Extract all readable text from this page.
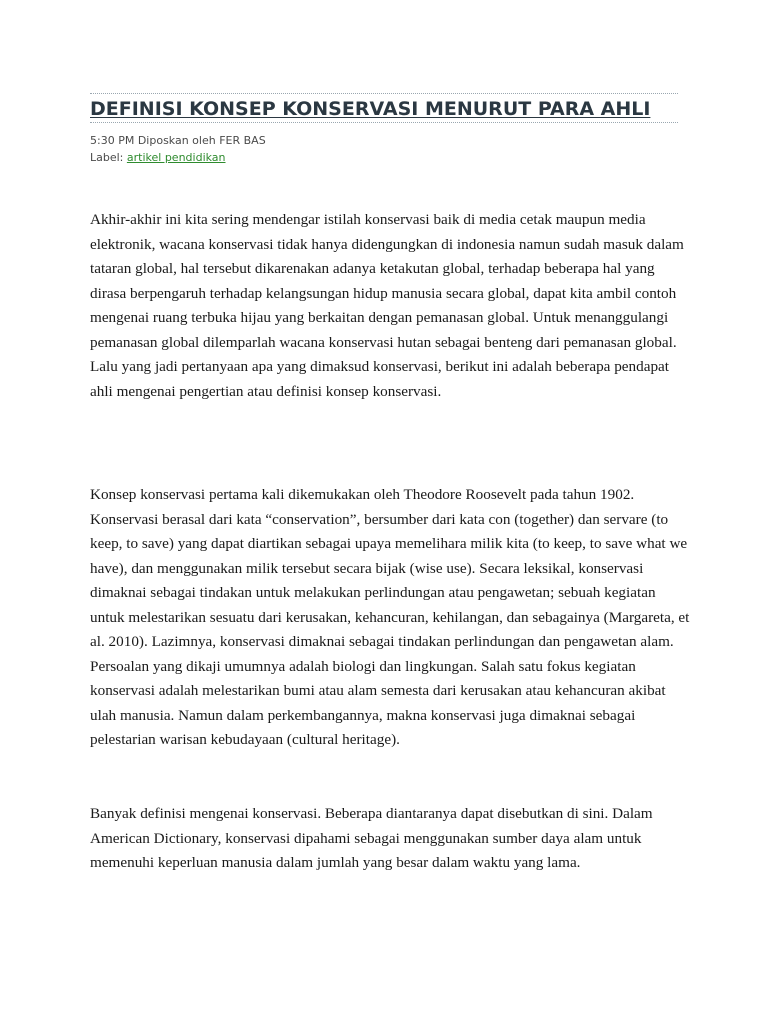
DEFINISI KONSEP KONSERVASI MENURUT PARA AHLI
5:30 PM Diposkan oleh FER BAS
Label: artikel pendidikan

Akhir-akhir ini kita sering mendengar istilah konservasi baik di media cetak maupun media elektronik, wacana konservasi tidak hanya didengungkan di indonesia namun sudah masuk dalam tataran global, hal tersebut dikarenakan adanya ketakutan global, terhadap beberapa hal yang dirasa berpengaruh terhadap kelangsungan hidup manusia secara global, dapat kita ambil contoh mengenai ruang terbuka hijau yang berkaitan dengan pemanasan global. Untuk menanggulangi pemanasan global dilemparlah wacana konservasi hutan sebagai benteng dari pemanasan global. Lalu yang jadi pertanyaan apa yang dimaksud konservasi, berikut ini adalah beberapa pendapat ahli mengenai pengertian atau definisi konsep konservasi.

Konsep konservasi pertama kali dikemukakan oleh Theodore Roosevelt pada tahun 1902. Konservasi berasal dari kata “conservation”, bersumber dari kata con (together) dan servare (to keep, to save) yang dapat diartikan sebagai upaya memelihara milik kita (to keep, to save what we have), dan menggunakan milik tersebut secara bijak (wise use). Secara leksikal, konservasi dimaknai sebagai tindakan untuk melakukan perlindungan atau pengawetan; sebuah kegiatan untuk melestarikan sesuatu dari kerusakan, kehancuran, kehilangan, dan sebagainya (Margareta, et al. 2010). Lazimnya, konservasi dimaknai sebagai tindakan perlindungan dan pengawetan alam. Persoalan yang dikaji umumnya adalah biologi dan lingkungan. Salah satu fokus kegiatan konservasi adalah melestarikan bumi atau alam semesta dari kerusakan atau kehancuran akibat ulah manusia. Namun dalam perkembangannya, makna konservasi juga dimaknai sebagai pelestarian warisan kebudayaan (cultural heritage).

Banyak definisi mengenai konservasi. Beberapa diantaranya dapat disebutkan di sini. Dalam American Dictionary, konservasi dipahami sebagai menggunakan sumber daya alam untuk memenuhi keperluan manusia dalam jumlah yang besar dalam waktu yang lama.
